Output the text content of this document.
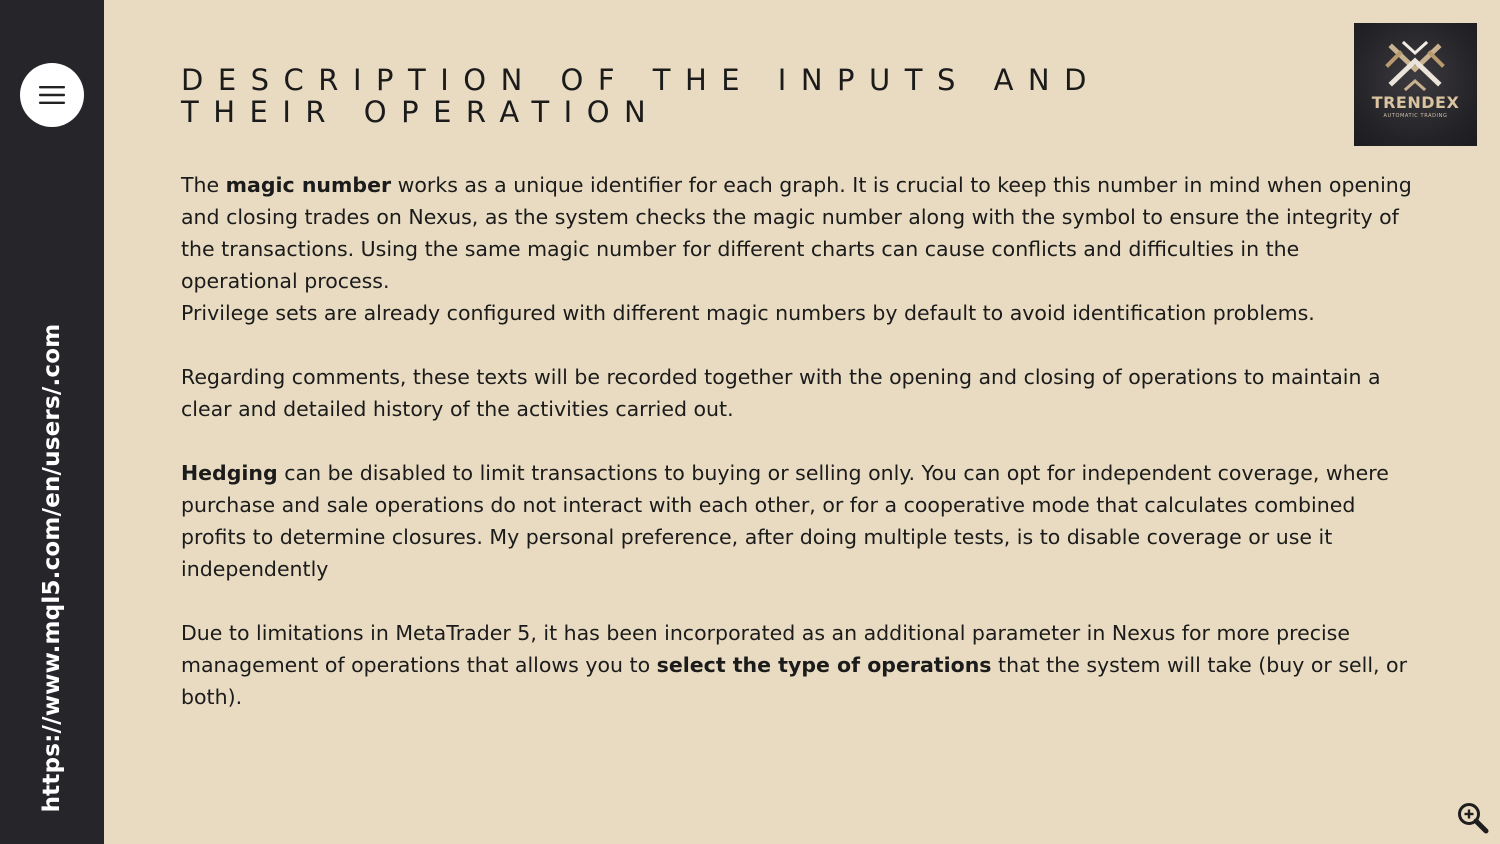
https://www.mql5.com/en/users/.com
TRENDEX
AUTOMATIC TRADING
DESCRIPTION OF THE INPUTS AND THEIR OPERATION

The magic number works as a unique identifier for each graph. It is crucial to keep this number in mind when opening and closing trades on Nexus, as the system checks the magic number along with the symbol to ensure the integrity of the transactions. Using the same magic number for different charts can cause conflicts and difficulties in the operational process.

Privilege sets are already configured with different magic numbers by default to avoid identification problems.

Regarding comments, these texts will be recorded together with the opening and closing of operations to maintain a clear and detailed history of the activities carried out.

Hedging can be disabled to limit transactions to buying or selling only. You can opt for independent coverage, where purchase and sale operations do not interact with each other, or for a cooperative mode that calculates combined profits to determine closures. My personal preference, after doing multiple tests, is to disable coverage or use it independently

Due to limitations in MetaTrader 5, it has been incorporated as an additional parameter in Nexus for more precise management of operations that allows you to select the type of operations that the system will take (buy or sell, or both).
